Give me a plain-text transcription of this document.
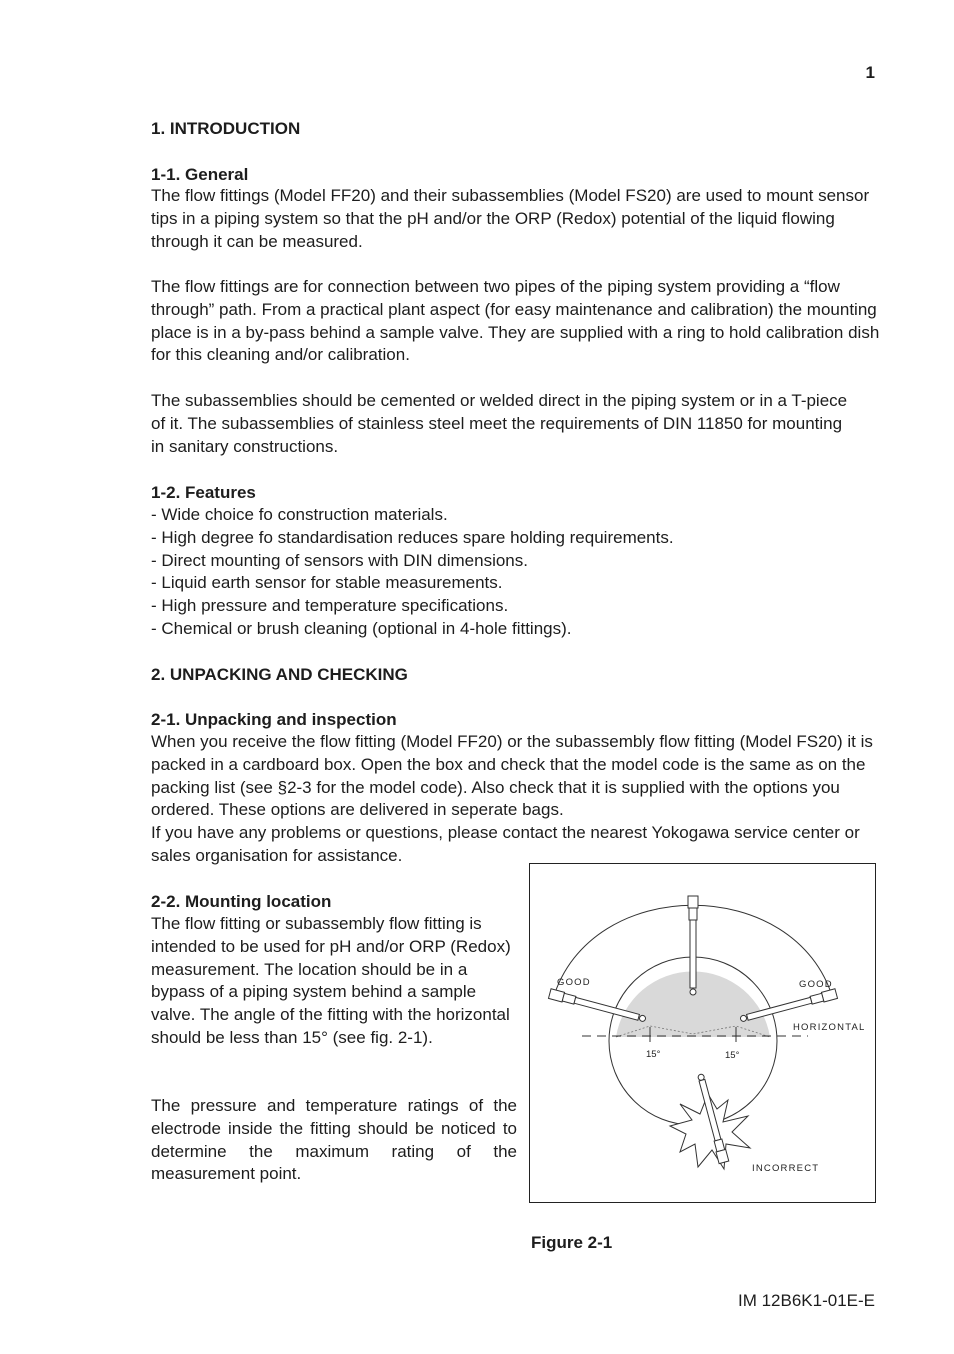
1
1. INTRODUCTION
1-1. General
The flow fittings (Model FF20) and their subassemblies (Model FS20) are used to mount sensor tips in a piping system so that the pH and/or the ORP (Redox) potential of the liquid flowing through it can be measured.
The flow fittings are for connection between two pipes of the piping system providing a “flow through” path. From a practical plant aspect (for easy maintenance and calibration) the mounting place is in a by-pass behind a sample valve. They are supplied with a ring to hold calibration dish for this cleaning and/or calibration.
The subassemblies should be cemented or welded direct in the piping system or in a T-piece of it. The subassemblies of stainless steel meet the requirements of DIN 11850 for mounting in sanitary constructions.
1-2. Features
- Wide choice fo construction materials.
- High degree fo standardisation reduces spare holding requirements.
- Direct mounting of sensors with DIN dimensions.
- Liquid earth sensor for stable measurements.
- High pressure and temperature specifications.
- Chemical or brush cleaning (optional in 4-hole fittings).
2. UNPACKING AND CHECKING
2-1. Unpacking and inspection
When you receive the flow fitting (Model FF20) or the subassembly flow fitting (Model FS20) it is packed in a cardboard box. Open the box and check that the model code is the same as on the packing list (see §2-3 for the model code). Also check that it is supplied with the options you ordered. These options are delivered in seperate bags.
If you have any problems or questions, please contact the nearest Yokogawa service center or sales organisation for assistance.
2-2. Mounting location
The flow fitting or subassembly flow fitting is intended to be used for pH and/or ORP (Redox) measurement. The location should be in a bypass of a piping system behind a sample valve. The angle of the fitting with the horizontal should be less than 15° (see fig. 2-1).
The pressure and temperature ratings of the electrode inside the fitting should be noticed to determine the maximum rating of the measurement point.
GOOD	GOOD
HORIZONTAL
15°	15°
INCORRECT
Figure 2-1
IM 12B6K1-01E-E
